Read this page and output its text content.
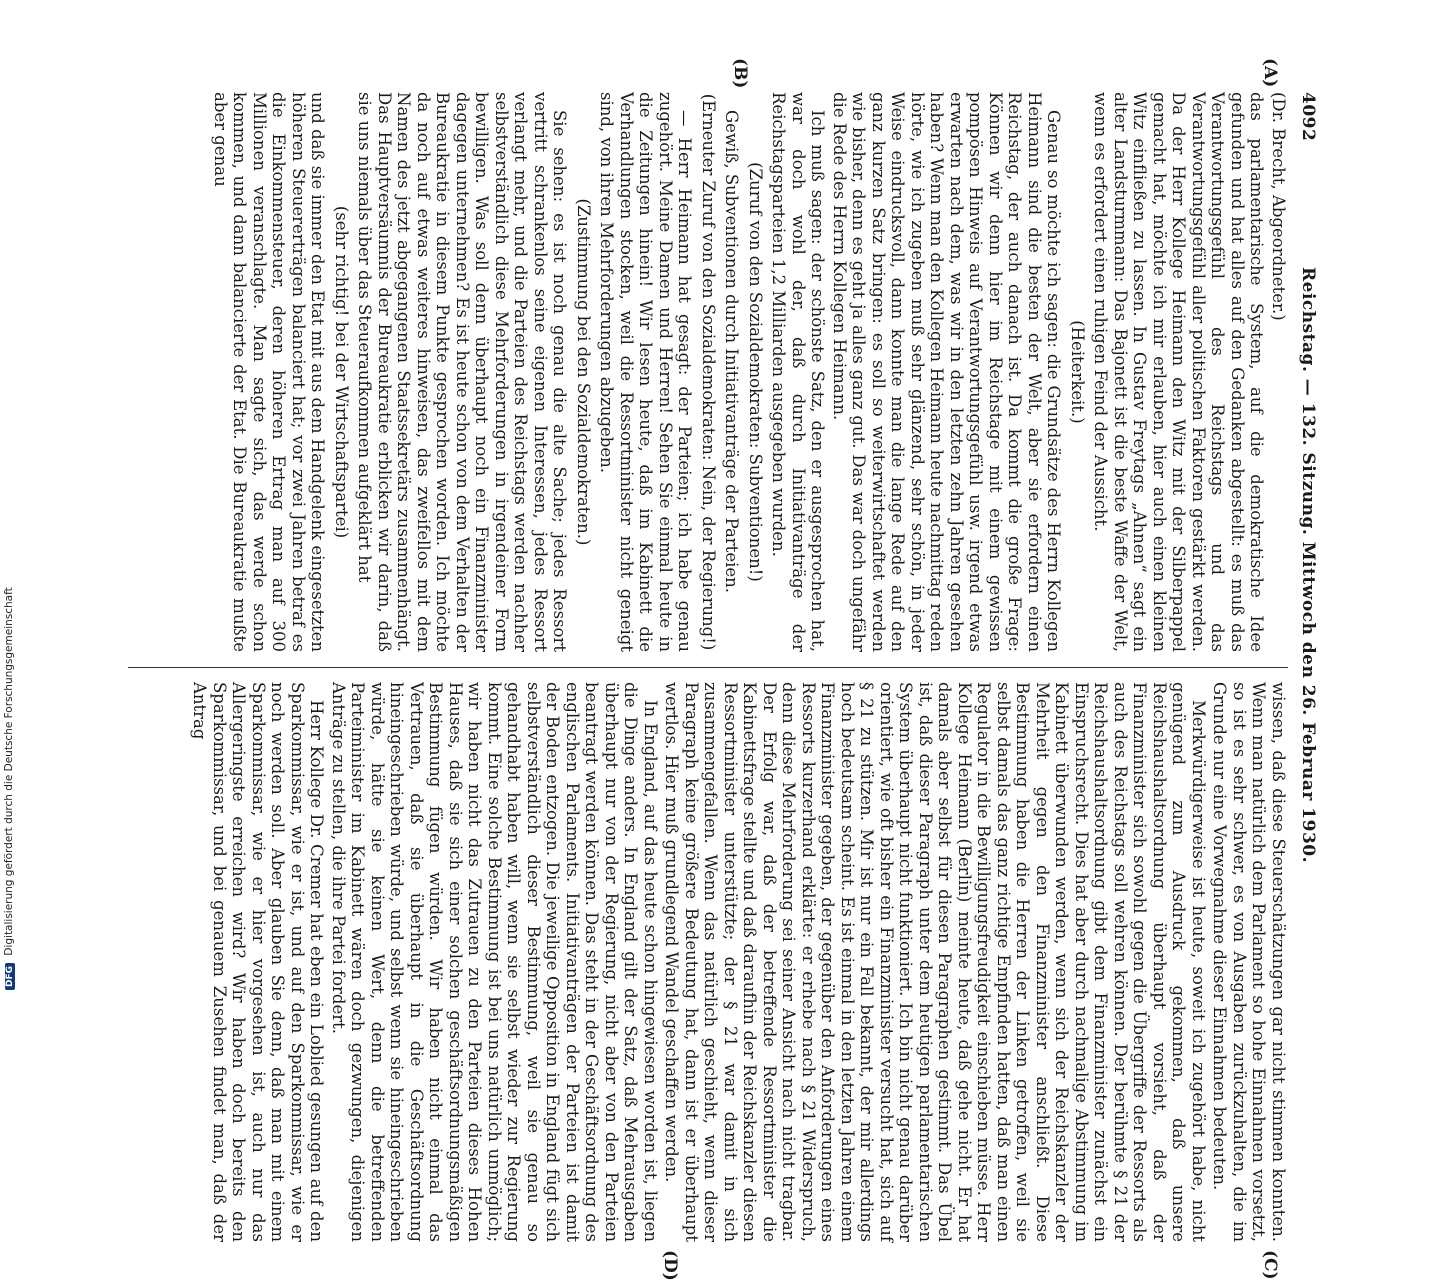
4092
Reichstag. — 132. Sitzung. Mittwoch den 26. Februar 1930.
(A)
(B)
(C)
(D)

(Dr. Brecht, Abgeordneter.)

das parlamentarische System, auf die demokratische Idee gefunden und hat alles auf den Gedanken abgestellt: es muß das Verantwortungsgefühl des Reichstags und das Verantwortungsgefühl aller politischen Faktoren gestärkt werden. Da der Herr Kollege Heimann den Witz mit der Silberpappel gemacht hat, möchte ich mir erlauben, hier auch einen kleinen Witz einfließen zu lassen. In Gustav Freytags „Ahnen“ sagt ein alter Landsturmmann: Das Bajonett ist die beste Waffe der Welt, wenn es erfordert einen ruhigen Feind der Aussicht.

(Heiterkeit.)

Genau so möchte ich sagen: die Grundsätze des Herrn Kollegen Heimann sind die besten der Welt, aber sie erfordern einen Reichstag, der auch danach ist. Da kommt die große Frage: Können wir denn hier im Reichstage mit einem gewissen pompösen Hinweis auf Verantwortungsgefühl usw. irgend etwas erwarten nach dem, was wir in den letzten zehn Jahren gesehen haben? Wenn man den Kollegen Heimann heute nachmittag reden hörte, wie ich zugeben muß sehr glänzend, sehr schön, in jeder Weise eindrucksvoll, dann konnte man die lange Rede auf den ganz kurzen Satz bringen: es soll so weiterwirtschaftet werden wie bisher, denn es geht ja alles ganz gut. Das war doch ungefähr die Rede des Herrn Kollegen Heimann.

Ich muß sagen: der schönste Satz, den er ausgesprochen hat, war doch wohl der, daß durch Initiativanträge der Reichstagsparteien 1,2 Milliarden ausgegeben wurden.

(Zuruf von den Sozialdemokraten: Subventionen!)

Gewiß, Subventionen durch Initiativanträge der Parteien.

(Erneuter Zuruf von den Sozialdemokraten: Nein, der Regierung!)

— Herr Heimann hat gesagt: der Parteien; ich habe genau zugehört. Meine Damen und Herren! Sehen Sie einmal heute in die Zeitungen hinein! Wir lesen heute, daß im Kabinett die Verhandlungen stocken, weil die Ressortminister nicht geneigt sind, von ihren Mehrforderungen abzugeben.

(Zustimmung bei den Sozialdemokraten.)

Sie sehen: es ist noch genau die alte Sache; jedes Ressort vertritt schrankenlos seine eigenen Interessen, jedes Ressort verlangt mehr, und die Parteien des Reichstags werden nachher selbstverständlich diese Mehrforderungen in irgendeiner Form bewilligen. Was soll denn überhaupt noch ein Finanzminister dagegen unternehmen? Es ist heute schon von dem Verhalten der Bureaukratie in diesem Punkte gesprochen worden. Ich möchte da noch auf etwas weiteres hinweisen, das zweifellos mit dem Namen des jetzt abgegangenen Staatssekretärs zusammenhängt. Das Hauptversäumnis der Bureaukratie erblicken wir darin, daß sie uns niemals über das Steueraufkommen aufgeklärt hat

(sehr richtig! bei der Wirtschaftspartei)

und daß sie immer den Etat mit aus dem Handgelenk eingesetzten höheren Steuererträgen balanciert hat; vor zwei Jahren betraf es die Einkommensteuer, deren höheren Ertrag man auf 300 Millionen veranschlagte. Man sagte sich, das werde schon kommen, und dann balancierte der Etat. Die Bureaukratie mußte aber genau

wissen, daß diese Steuerschätzungen gar nicht stimmen konnten. Wenn man natürlich dem Parlament so hohe Einnahmen vorsetzt, so ist es sehr schwer, es von Ausgaben zurückzuhalten, die im Grunde nur eine Vorwegnahme dieser Einnahmen bedeuten.

Merkwürdigerweise ist heute, soweit ich zugehört habe, nicht genügend zum Ausdruck gekommen, daß unsere Reichshaushaltsordnung überhaupt vorsieht, daß der Finanzminister sich sowohl gegen die Übergriffe der Ressorts als auch des Reichstags soll wehren können. Der berühmte § 21 der Reichshaushaltsordnung gibt dem Finanzminister zunächst ein Einspruchsrecht. Dies hat aber durch nachmalige Abstimmung im Kabinett überwunden werden, wenn sich der Reichskanzler der Mehrheit gegen den Finanzminister anschließt. Diese Bestimmung haben die Herren der Linken getroffen, weil sie selbst damals das ganz richtige Empfinden hatten, daß man einen Regulator in die Bewilligungsfreudigkeit einschieben müsse. Herr Kollege Heimann (Berlin) meinte heute, daß gehe nicht. Er hat damals aber selbst für diesen Paragraphen gestimmt. Das Übel ist, daß dieser Paragraph unter dem heutigen parlamentarischen System überhaupt nicht funktioniert. Ich bin nicht genau darüber orientiert, wie oft bisher ein Finanzminister versucht hat, sich auf § 21 zu stützen. Mir ist nur ein Fall bekannt, der mir allerdings hoch bedeutsam scheint. Es ist einmal in den letzten Jahren einem Finanzminister gegeben, der gegenüber den Anforderungen eines Ressorts kurzerhand erklärte: er erhebe nach § 21 Widerspruch, denn diese Mehrforderung sei seiner Ansicht nach nicht tragbar. Der Erfolg war, daß der betreffende Ressortminister die Kabinettsfrage stellte und daß daraufhin der Reichskanzler diesen Ressortminister unterstützte; der § 21 war damit in sich zusammengefallen. Wenn das natürlich geschieht, wenn dieser Paragraph keine größere Bedeutung hat, dann ist er überhaupt wertlos. Hier muß grundlegend Wandel geschaffen werden.

In England, auf das heute schon hingewiesen worden ist, liegen die Dinge anders. In England gilt der Satz, daß Mehrausgaben überhaupt nur von der Regierung, nicht aber von den Parteien beantragt werden können. Das steht in der Geschäftsordnung des englischen Parlaments. Initiativanträgen der Parteien ist damit der Boden entzogen. Die jeweilige Opposition in England fügt sich selbstverständlich dieser Bestimmung, weil sie genau so gehandhabt haben will, wenn sie selbst wieder zur Regierung kommt. Eine solche Bestimmung ist bei uns natürlich unmöglich; wir haben nicht das Zutrauen zu den Parteien dieses Hohen Hauses, daß sie sich einer solchen geschäftsordnungsmäßigen Bestimmung fügen würden. Wir haben nicht einmal das Vertrauen, daß sie überhaupt in die Geschäftsordnung hineingeschrieben würde, und selbst wenn sie hineingeschrieben würde, hätte sie keinen Wert, denn die betreffenden Parteiminister im Kabinett wären doch gezwungen, diejenigen Anträge zu stellen, die ihre Partei fordert.

Herr Kollege Dr. Cremer hat eben ein Loblied gesungen auf den Sparkommissar, wie er ist, und auf den Sparkommissar, wie er noch werden soll. Aber glauben Sie denn, daß man mit einem Sparkommissar, wie er hier vorgesehen ist, auch nur das Allergeringste erreichen wird? Wir haben doch bereits den Sparkommissar, und bei genauem Zusehen findet man, daß der Antrag

DFG Digitalisierung gefördert durch die Deutsche Forschungsgemeinschaft
